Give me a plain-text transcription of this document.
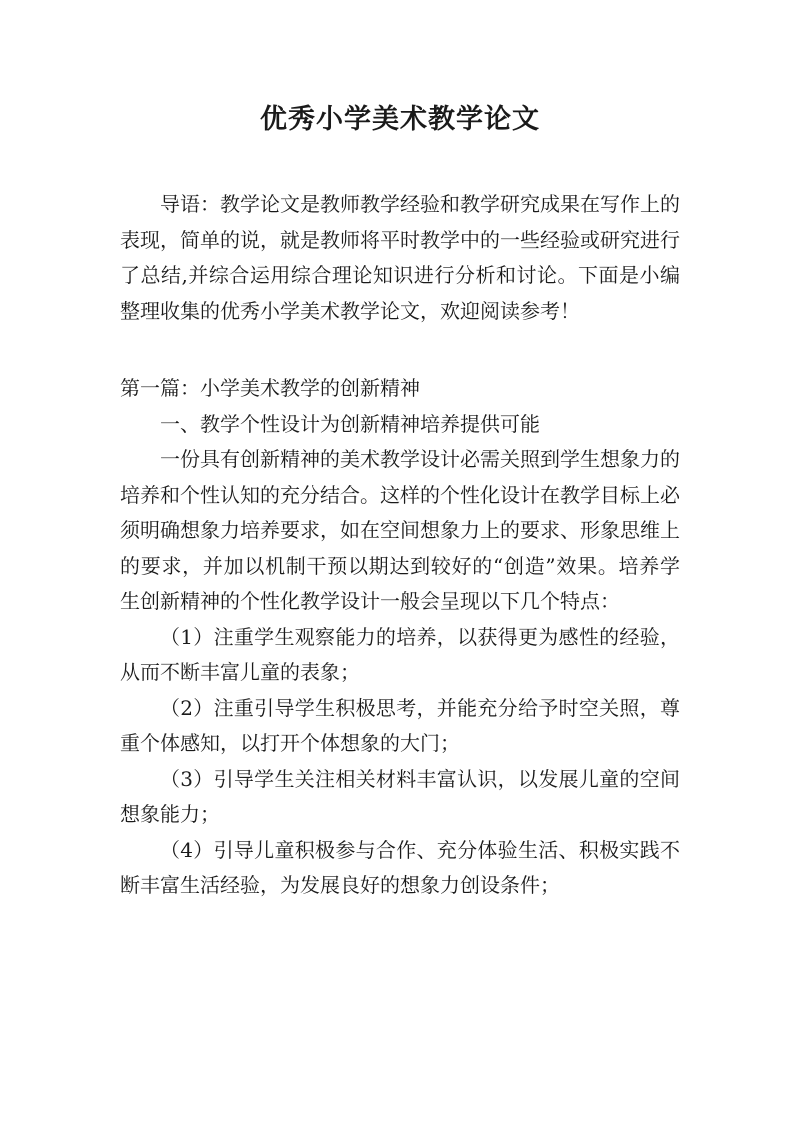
优秀小学美术教学论文

导语：教学论文是教师教学经验和教学研究成果在写作上的表现，简单的说，就是教师将平时教学中的一些经验或研究进行了总结,并综合运用综合理论知识进行分析和讨论。下面是小编整理收集的优秀小学美术教学论文，欢迎阅读参考！

第一篇：小学美术教学的创新精神

一、教学个性设计为创新精神培养提供可能

一份具有创新精神的美术教学设计必需关照到学生想象力的培养和个性认知的充分结合。这样的个性化设计在教学目标上必须明确想象力培养要求，如在空间想象力上的要求、形象思维上的要求，并加以机制干预以期达到较好的“创造”效果。培养学生创新精神的个性化教学设计一般会呈现以下几个特点：

（1）注重学生观察能力的培养，以获得更为感性的经验，从而不断丰富儿童的表象；

（2）注重引导学生积极思考，并能充分给予时空关照，尊重个体感知，以打开个体想象的大门；

（3）引导学生关注相关材料丰富认识，以发展儿童的空间想象能力；

（4）引导儿童积极参与合作、充分体验生活、积极实践不断丰富生活经验，为发展良好的想象力创设条件；
